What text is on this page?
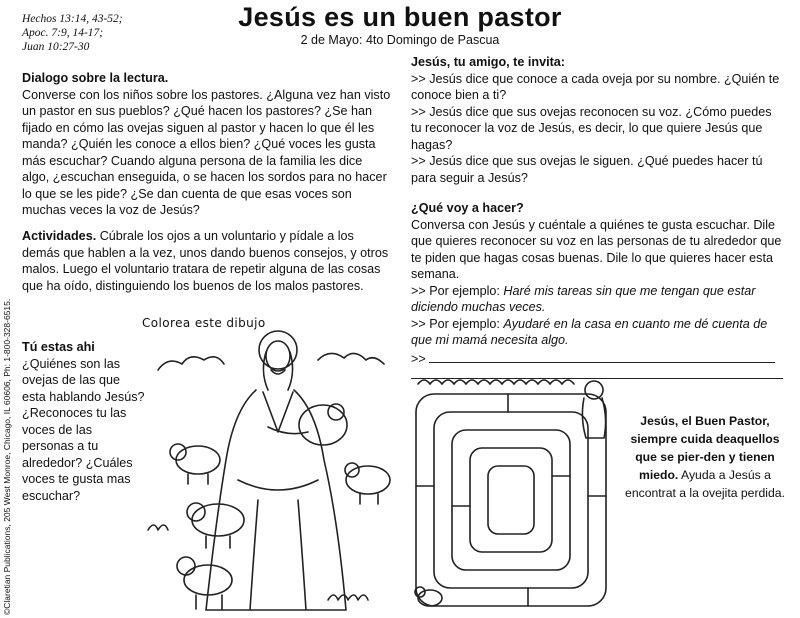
Hechos 13:14, 43-52;
Apoc. 7:9, 14-17;
Juan 10:27-30
Jesús es un buen pastor
2 de Mayo: 4to Domingo de Pascua
Dialogo sobre la lectura.

Converse con los niños sobre los pastores. ¿Alguna vez han visto un pastor en sus pueblos? ¿Qué hacen los pastores? ¿Se han fijado en cómo las ovejas siguen al pastor y hacen lo que él les manda? ¿Quién les conoce a ellos bien? ¿Qué voces les gusta más escuchar? Cuando alguna persona de la familia les dice algo, ¿escuchan enseguida, o se hacen los sordos para no hacer lo que se les pide? ¿Se dan cuenta de que esas voces son muchas veces la voz de Jesús?

Actividades. Cúbrale los ojos a un voluntario y pídale a los demás que hablen a la vez, unos dando buenos consejos, y otros malos. Luego el voluntario tratara de repetir alguna de las cosas que ha oído, distinguiendo los buenos de los malos pastores.

Tú estas ahi

¿Quiénes son las ovejas de las que esta hablando Jesús? ¿Reconoces tu las voces de las personas a tu alrededor? ¿Cuáles voces te gusta mas escuchar?

Colorea este dibujo
Jesús, tu amigo, te invita:

>> Jesús dice que conoce a cada oveja por su nombre. ¿Quién te conoce bien a ti?

>> Jesús dice que sus ovejas reconocen su voz. ¿Cómo puedes tu reconocer la voz de Jesús, es decir, lo que quiere Jesús que hagas?

>> Jesús dice que sus ovejas le siguen. ¿Qué puedes hacer tú para seguir a Jesús?

¿Qué voy a hacer?

Conversa con Jesús y cuéntale a quiénes te gusta escuchar. Dile que quieres reconocer su voz en las personas de tu alrededor que te piden que hagas cosas buenas. Dile lo que quieres hacer esta semana.

>> Por ejemplo: Haré mis tareas sin que me tengan que estar diciendo muchas veces.

>> Por ejemplo: Ayudaré en la casa en cuanto me dé cuenta de que mi mamá necesita algo.

>>

Jesús, el Buen Pastor, siempre cuida deaquellos que se pier-den y tienen miedo. Ayuda a Jesús a encontrat a la ovejita perdida.
©Claretian Publications, 205 West Monroe, Chicago, IL 60606, Ph: 1-800-328-6515.
